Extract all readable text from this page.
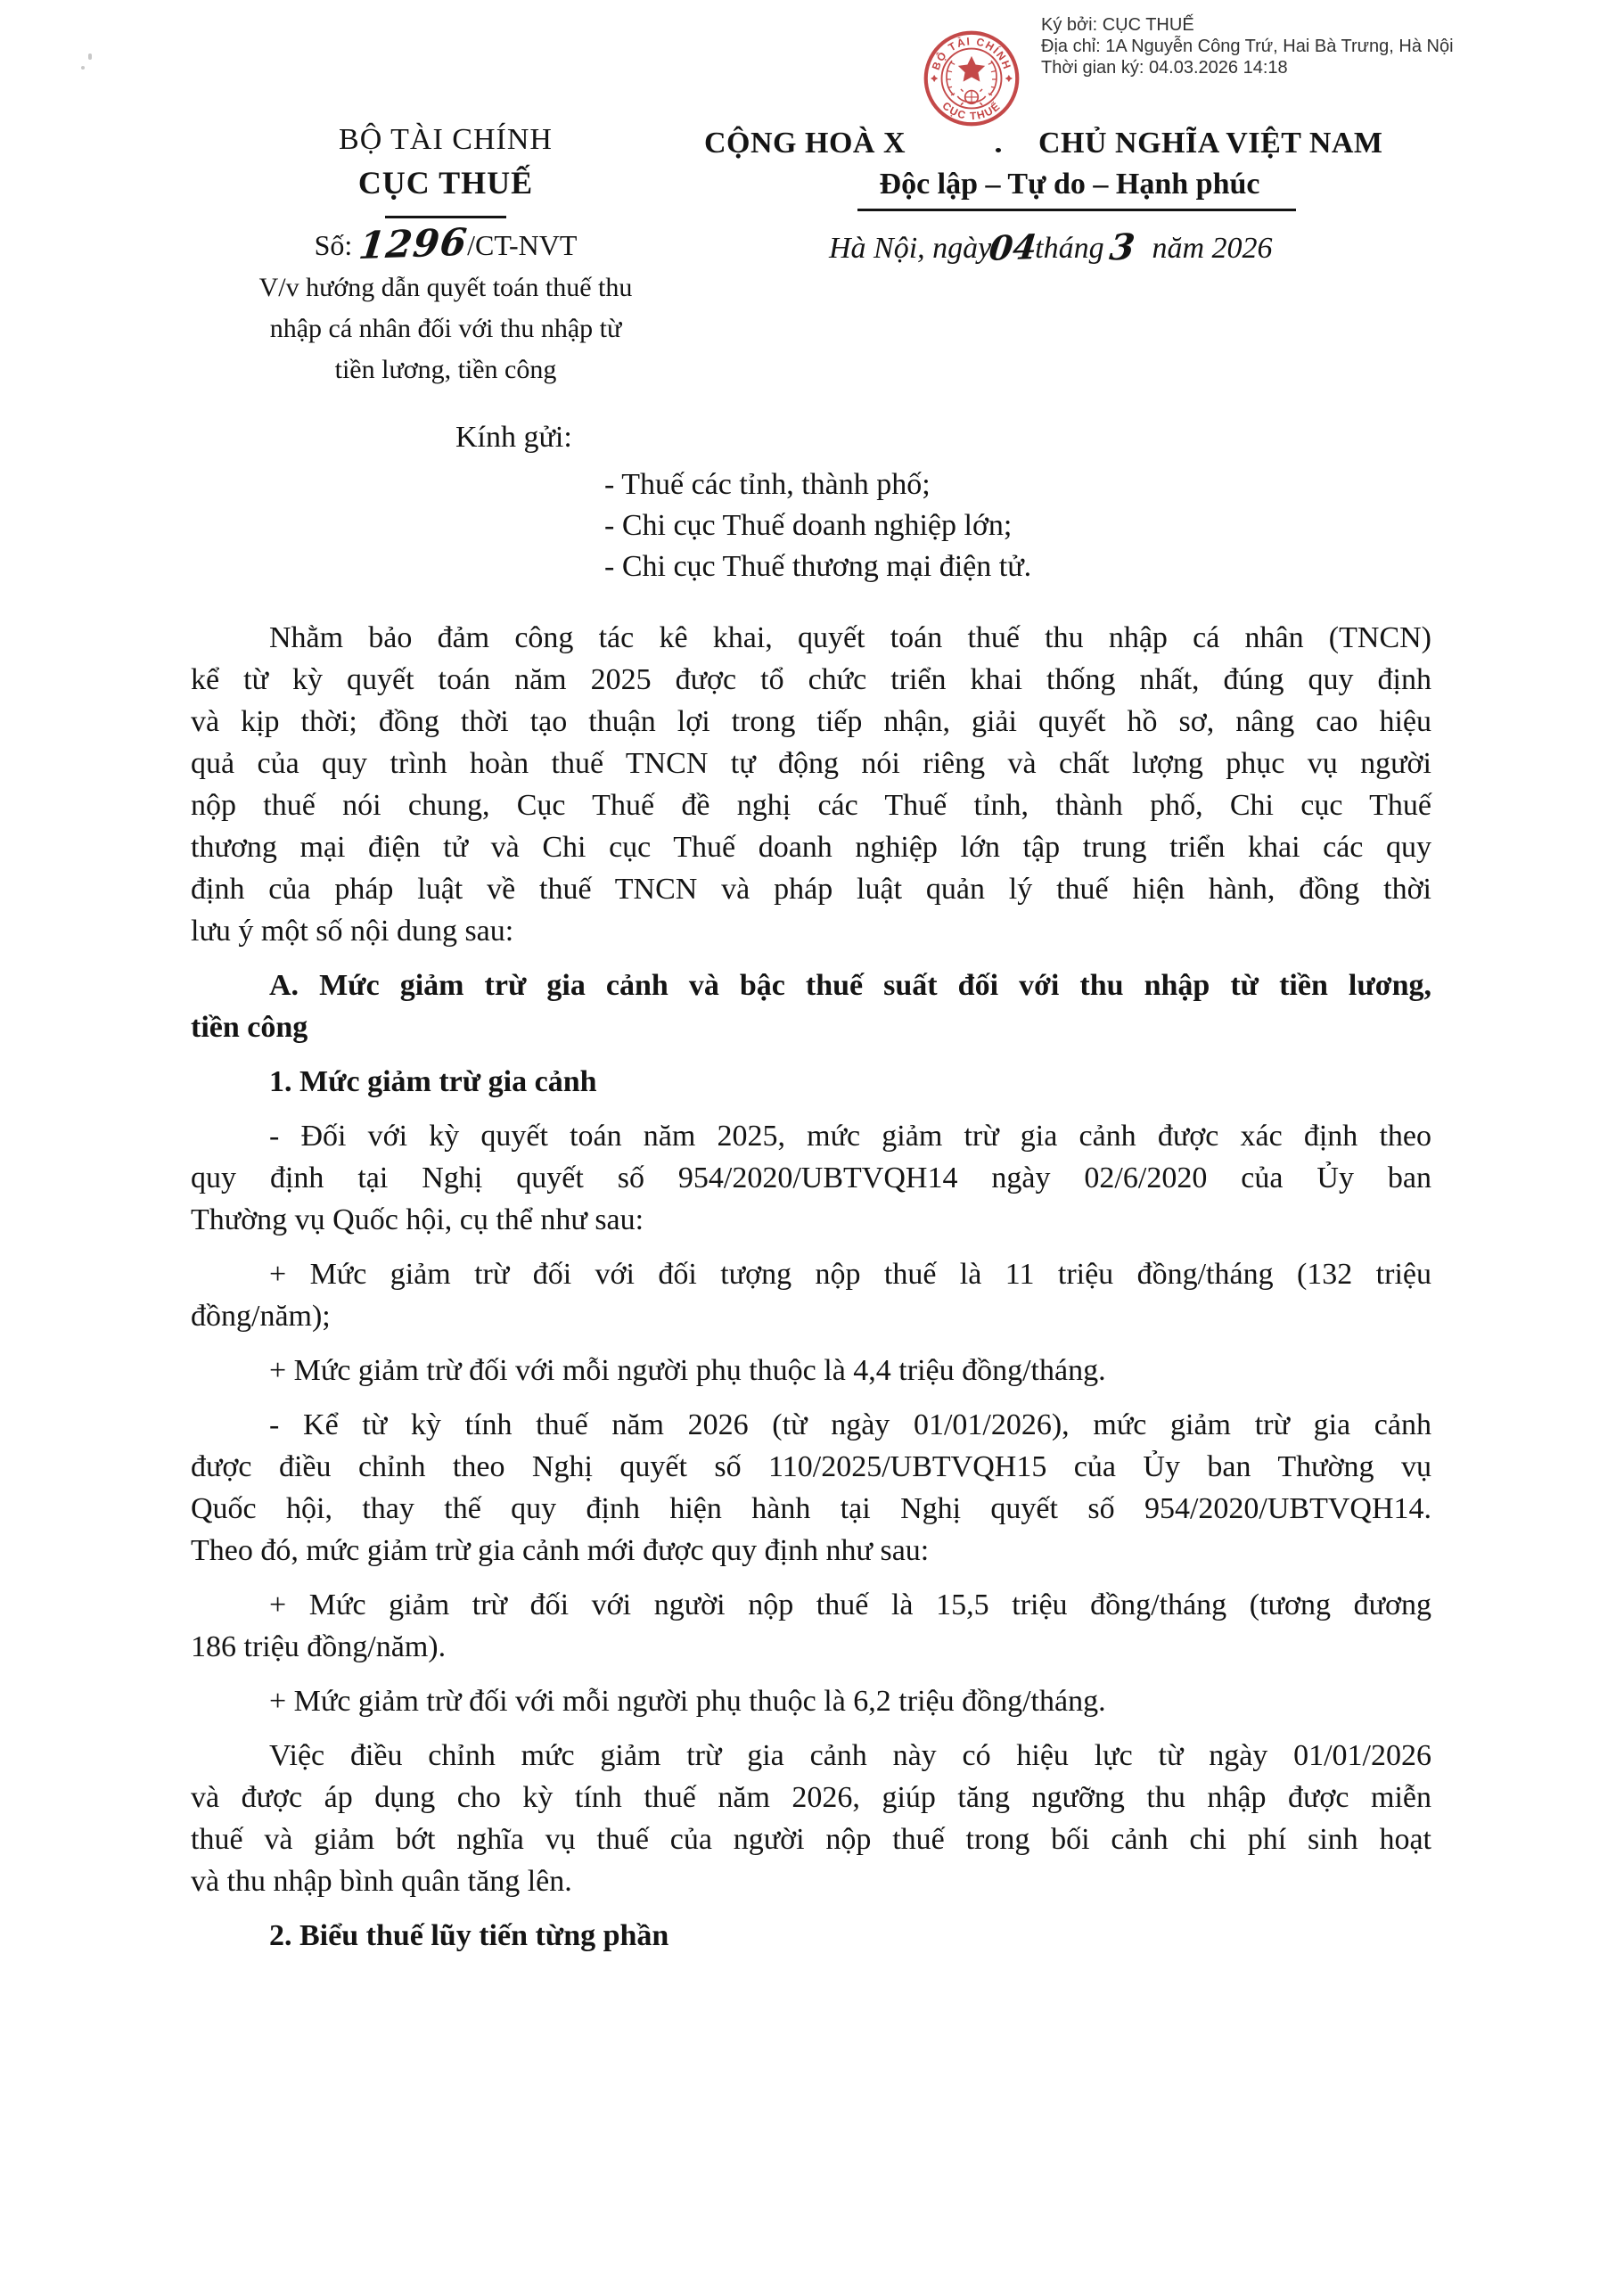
Ký bởi: CỤC THUẾ
Địa chỉ: 1A Nguyễn Công Trứ, Hai Bà Trưng, Hà Nội
Thời gian ký: 04.03.2026 14:18
BỘ TÀI CHÍNH
CỤC THUẾ
BỘ TÀI CHÍNH
CỤC THUẾ
Số: 1296/CT-NVT
V/v hướng dẫn quyết toán thuế thu
nhập cá nhân đối với thu nhập từ
tiền lương, tiền công
CỘNG HOÀ X	CHỦ NGHĨA VIỆT NAM
Độc lập – Tự do – Hạnh phúc
Hà Nội, ngày04tháng3 năm 2026
Kính gửi:
- Thuế các tỉnh, thành phố;
- Chi cục Thuế doanh nghiệp lớn;
- Chi cục Thuế thương mại điện tử.
Nhằm bảo đảm công tác kê khai, quyết toán thuế thu nhập cá nhân (TNCN)
kể từ kỳ quyết toán năm 2025 được tổ chức triển khai thống nhất, đúng quy định
và kịp thời; đồng thời tạo thuận lợi trong tiếp nhận, giải quyết hồ sơ, nâng cao hiệu
quả của quy trình hoàn thuế TNCN tự động nói riêng và chất lượng phục vụ người
nộp thuế nói chung, Cục Thuế đề nghị các Thuế tỉnh, thành phố, Chi cục Thuế
thương mại điện tử và Chi cục Thuế doanh nghiệp lớn tập trung triển khai các quy
định của pháp luật về thuế TNCN và pháp luật quản lý thuế hiện hành, đồng thời
lưu ý một số nội dung sau:
A. Mức giảm trừ gia cảnh và bậc thuế suất đối với thu nhập từ tiền lương,
tiền công
1. Mức giảm trừ gia cảnh
- Đối với kỳ quyết toán năm 2025, mức giảm trừ gia cảnh được xác định theo
quy định tại Nghị quyết số 954/2020/UBTVQH14 ngày 02/6/2020 của Ủy ban
Thường vụ Quốc hội, cụ thể như sau:
+ Mức giảm trừ đối với đối tượng nộp thuế là 11 triệu đồng/tháng (132 triệu
đồng/năm);
+ Mức giảm trừ đối với mỗi người phụ thuộc là 4,4 triệu đồng/tháng.
- Kể từ kỳ tính thuế năm 2026 (từ ngày 01/01/2026), mức giảm trừ gia cảnh
được điều chỉnh theo Nghị quyết số 110/2025/UBTVQH15 của Ủy ban Thường vụ
Quốc hội, thay thế quy định hiện hành tại Nghị quyết số 954/2020/UBTVQH14.
Theo đó, mức giảm trừ gia cảnh mới được quy định như sau:
+ Mức giảm trừ đối với người nộp thuế là 15,5 triệu đồng/tháng (tương đương
186 triệu đồng/năm).
+ Mức giảm trừ đối với mỗi người phụ thuộc là 6,2 triệu đồng/tháng.
Việc điều chỉnh mức giảm trừ gia cảnh này có hiệu lực từ ngày 01/01/2026
và được áp dụng cho kỳ tính thuế năm 2026, giúp tăng ngưỡng thu nhập được miễn
thuế và giảm bớt nghĩa vụ thuế của người nộp thuế trong bối cảnh chi phí sinh hoạt
và thu nhập bình quân tăng lên.
2. Biểu thuế lũy tiến từng phần
